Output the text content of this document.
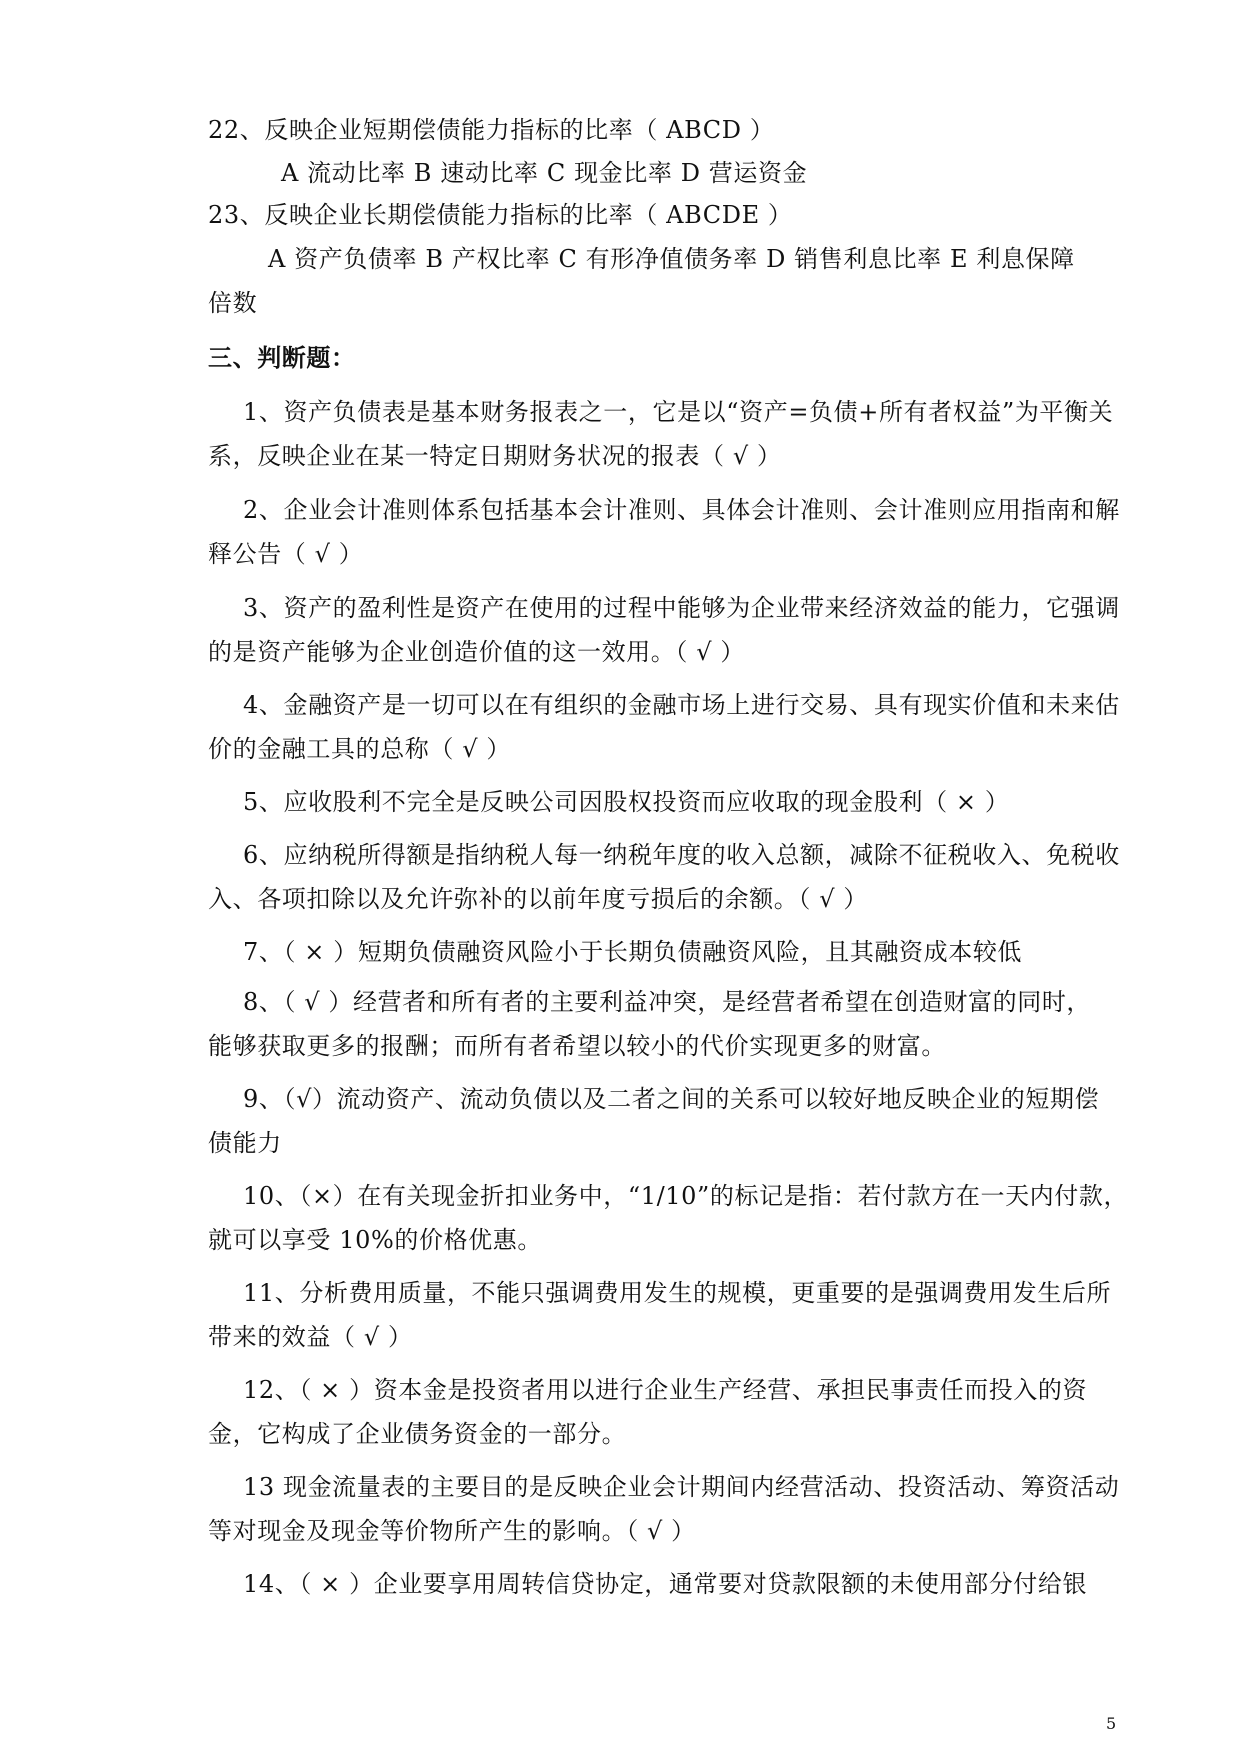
22、反映企业短期偿债能力指标的比率（ ABCD ）
A 流动比率 B 速动比率 C 现金比率 D 营运资金
23、反映企业长期偿债能力指标的比率（ ABCDE ）
A 资产负债率 B 产权比率 C 有形净值债务率 D 销售利息比率 E 利息保障
倍数
三、判断题：
1、资产负债表是基本财务报表之一，它是以“资产=负债+所有者权益”为平衡关
系，反映企业在某一特定日期财务状况的报表（ √ ）
2、企业会计准则体系包括基本会计准则、具体会计准则、会计准则应用指南和解
释公告（ √ ）
3、资产的盈利性是资产在使用的过程中能够为企业带来经济效益的能力，它强调
的是资产能够为企业创造价值的这一效用。（ √ ）
4、金融资产是一切可以在有组织的金融市场上进行交易、具有现实价值和未来估
价的金融工具的总称（ √ ）
5、应收股利不完全是反映公司因股权投资而应收取的现金股利（ × ）
6、应纳税所得额是指纳税人每一纳税年度的收入总额，减除不征税收入、免税收
入、各项扣除以及允许弥补的以前年度亏损后的余额。（ √ ）
7、（ × ）短期负债融资风险小于长期负债融资风险，且其融资成本较低
8、（ √ ）经营者和所有者的主要利益冲突，是经营者希望在创造财富的同时，
能够获取更多的报酬；而所有者希望以较小的代价实现更多的财富。
9、（√）流动资产、流动负债以及二者之间的关系可以较好地反映企业的短期偿
债能力
10、（×）在有关现金折扣业务中，“1/10”的标记是指：若付款方在一天内付款，
就可以享受 10%的价格优惠。
11、分析费用质量，不能只强调费用发生的规模，更重要的是强调费用发生后所
带来的效益（ √ ）
12、（ × ）资本金是投资者用以进行企业生产经营、承担民事责任而投入的资
金，它构成了企业债务资金的一部分。
13 现金流量表的主要目的是反映企业会计期间内经营活动、投资活动、筹资活动
等对现金及现金等价物所产生的影响。（ √ ）
14、（ × ）企业要享用周转信贷协定，通常要对贷款限额的未使用部分付给银
5
